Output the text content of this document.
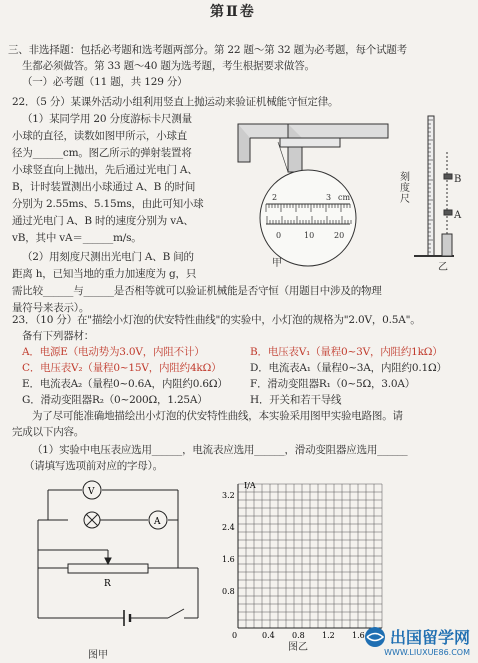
第Ⅱ卷
三、非选择题：包括必考题和选考题两部分。第 22 题～第 32 题为必考题，每个试题考
生都必须做答。第 33 题～40 题为选考题，考生根据要求做答。
（一）必考题（11 题，共 129 分）
22．（5 分）某课外活动小组利用竖直上抛运动来验证机械能守恒定律。
（1）某同学用 20 分度游标卡尺测量
小球的直径，读数如图甲所示，小球直
径为______cm。图乙所示的弹射装置将
小球竖直向上抛出，先后通过光电门 A、
B，计时装置测出小球通过 A、B 的时间
分别为 2.55ms、5.15ms，由此可知小球
通过光电门 A、B 时的速度分别为 vA、
vB，其中 vA＝______m/s。
（2）用刻度尺测出光电门 A、B 间的
距离 h，已知当地的重力加速度为 g，只
需比较______与______是否相等就可以验证机械能是否守恒（用题目中涉及的物理
量符号来表示）。
2	3 cm
0	10 20
甲
刻
度
尺
B
A
乙
23．（10 分）在"描绘小灯泡的伏安特性曲线"的实验中，小灯泡的规格为"2.0V，0.5A"。
备有下列器材：
A．电源E（电动势为3.0V，内阻不计）	B．电压表V₁（量程0~3V，内阻约1kΩ）
C．电压表V₂（量程0~15V，内阻约4kΩ）	D．电流表A₁（量程0~3A，内阻约0.1Ω）
E．电流表A₂（量程0~0.6A，内阻约0.6Ω） F．滑动变阻器R₁（0~5Ω，3.0A）
G．滑动变阻器R₂（0~200Ω，1.25A）	H．开关和若干导线
为了尽可能准确地描绘出小灯泡的伏安特性曲线，本实验采用图甲实验电路图。请
完成以下内容。
（1）实验中电压表应选用______，电流表应选用______，滑动变阻器应选用______
（请填写选项前对应的字母）。
V
A
R
图甲
I/A
3.2
2.4
1.6
0.8
0	0.4 0.8 1.2 1.6
图乙
出国留学网
WWW.LIUXUE86.COM
